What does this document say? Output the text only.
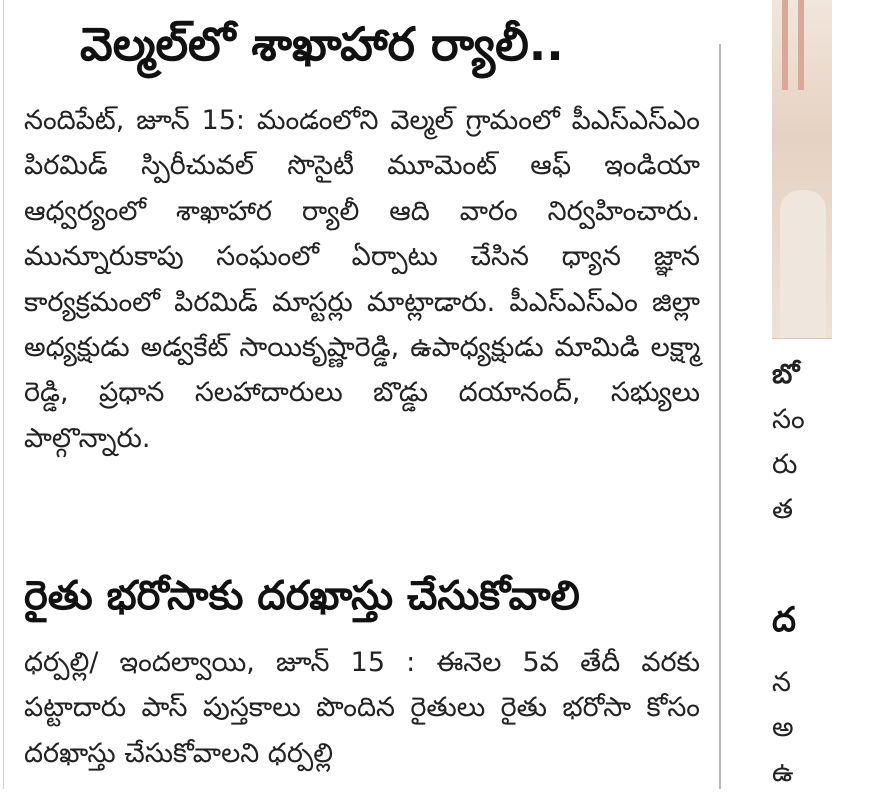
వెల్మల్‌లో శాఖాహార ర్యాలీ..

నందిపేట్, జూన్ 15: మండంలోని వెల్మల్ గ్రామంలో పీఎస్ఎస్ఎం పిరమిడ్ స్పిరీచువల్ సొసైటీ మూమెంట్ ఆఫ్ ఇండియా ఆధ్వర్యంలో శాఖాహార ర్యాలీ ఆది వారం నిర్వహించారు. మున్నూరుకాపు సంఘంలో ఏర్పాటు చేసిన ధ్యాన జ్ఞాన కార్యక్రమంలో పిరమిడ్ మాస్టర్లు మాట్లాడారు. పీఎస్ఎస్ఎం జిల్లా అధ్యక్షుడు అడ్వకేట్ సాయికృష్ణారెడ్డి, ఉపాధ్యక్షుడు మామిడి లక్ష్మా రెడ్డి, ప్రధాన సలహాదారులు బొడ్డు దయానంద్, సభ్యులు పాల్గొన్నారు.

రైతు భరోసాకు దరఖాస్తు చేసుకోవాలి

ధర్పల్లి/ ఇందల్వాయి, జూన్ 15 : ఈనెల 5వ తేదీ వరకు పట్టాదారు పాస్ పుస్తకాలు పొందిన రైతులు రైతు భరోసా కోసం దరఖాస్తు చేసుకోవాలని ధర్పల్లి

బో
సం
రు
త
ద
న
అ
ఉ
